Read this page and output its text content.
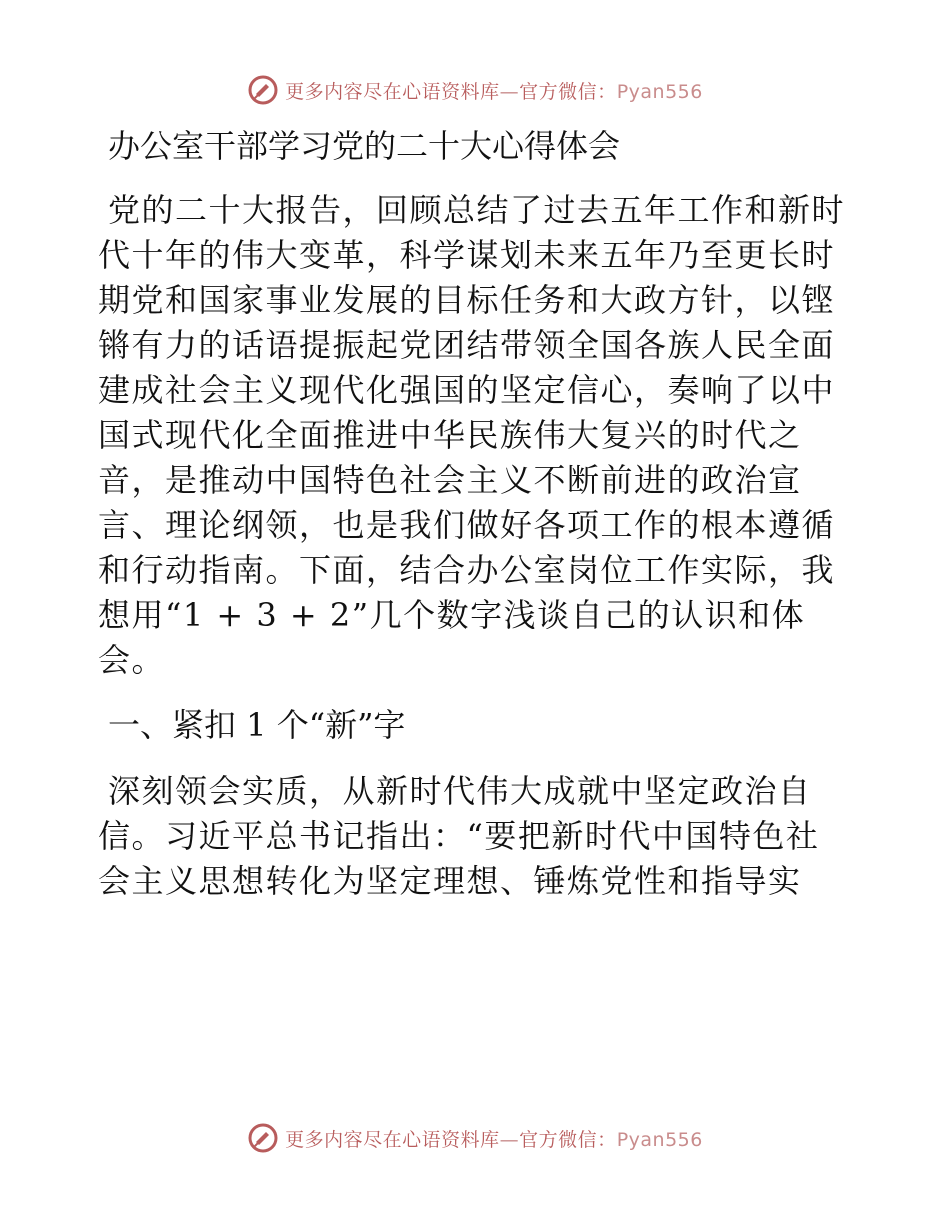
更多内容尽在心语资料库—官方微信：Pyan556
办公室干部学习党的二十大心得体会

党的二十大报告，回顾总结了过去五年工作和新时代十年的伟大变革，科学谋划未来五年乃至更长时期党和国家事业发展的目标任务和大政方针，以铿锵有力的话语提振起党团结带领全国各族人民全面建成社会主义现代化强国的坚定信心，奏响了以中国式现代化全面推进中华民族伟大复兴的时代之音，是推动中国特色社会主义不断前进的政治宣言、理论纲领，也是我们做好各项工作的根本遵循和行动指南。下面，结合办公室岗位工作实际，我想用“1 + 3 + 2”几个数字浅谈自己的认识和体会。

一、紧扣 1 个“新”字

深刻领会实质，从新时代伟大成就中坚定政治自信。习近平总书记指出：“要把新时代中国特色社会主义思想转化为坚定理想、锤炼党性和指导实

更多内容尽在心语资料库—官方微信：Pyan556
